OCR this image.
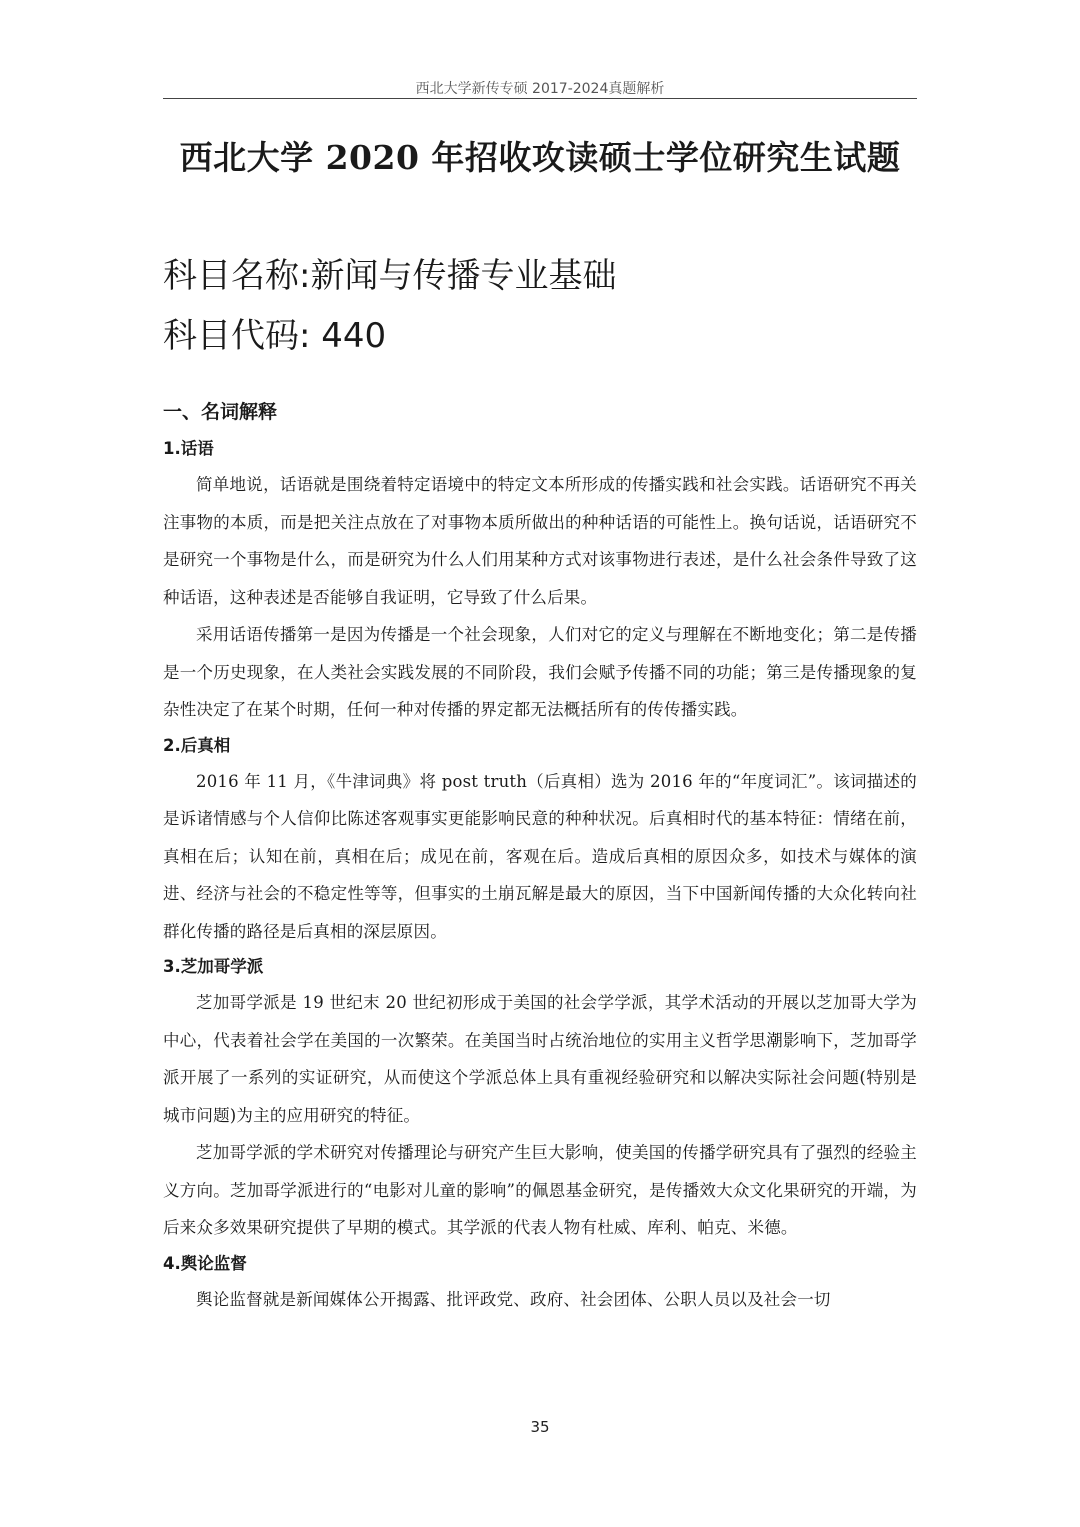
西北大学新传专硕 2017-2024真题解析
西北大学 2020 年招收攻读硕士学位研究生试题
科目名称:新闻与传播专业基础
科目代码: 440
一、名词解释
1.话语

简单地说，话语就是围绕着特定语境中的特定文本所形成的传播实践和社会实践。话语研究不再关注事物的本质，而是把关注点放在了对事物本质所做出的种种话语的可能性上。换句话说，话语研究不是研究一个事物是什么，而是研究为什么人们用某种方式对该事物进行表述，是什么社会条件导致了这种话语，这种表述是否能够自我证明，它导致了什么后果。

采用话语传播第一是因为传播是一个社会现象，人们对它的定义与理解在不断地变化；第二是传播是一个历史现象，在人类社会实践发展的不同阶段，我们会赋予传播不同的功能；第三是传播现象的复杂性决定了在某个时期，任何一种对传播的界定都无法概括所有的传传播实践。

2.后真相

2016 年 11 月，《牛津词典》将 post truth（后真相）选为 2016 年的“年度词汇”。该词描述的是诉诸情感与个人信仰比陈述客观事实更能影响民意的种种状况。后真相时代的基本特征：情绪在前，真相在后；认知在前，真相在后；成见在前，客观在后。造成后真相的原因众多，如技术与媒体的演进、经济与社会的不稳定性等等，但事实的土崩瓦解是最大的原因，当下中国新闻传播的大众化转向社群化传播的路径是后真相的深层原因。

3.芝加哥学派

芝加哥学派是 19 世纪末 20 世纪初形成于美国的社会学学派，其学术活动的开展以芝加哥大学为中心，代表着社会学在美国的一次繁荣。在美国当时占统治地位的实用主义哲学思潮影响下，芝加哥学派开展了一系列的实证研究，从而使这个学派总体上具有重视经验研究和以解决实际社会问题(特别是城市问题)为主的应用研究的特征。

芝加哥学派的学术研究对传播理论与研究产生巨大影响，使美国的传播学研究具有了强烈的经验主义方向。芝加哥学派进行的“电影对儿童的影响”的佩恩基金研究，是传播效大众文化果研究的开端，为后来众多效果研究提供了早期的模式。其学派的代表人物有杜威、库利、帕克、米德。

4.舆论监督

舆论监督就是新闻媒体公开揭露、批评政党、政府、社会团体、公职人员以及社会一切

35
